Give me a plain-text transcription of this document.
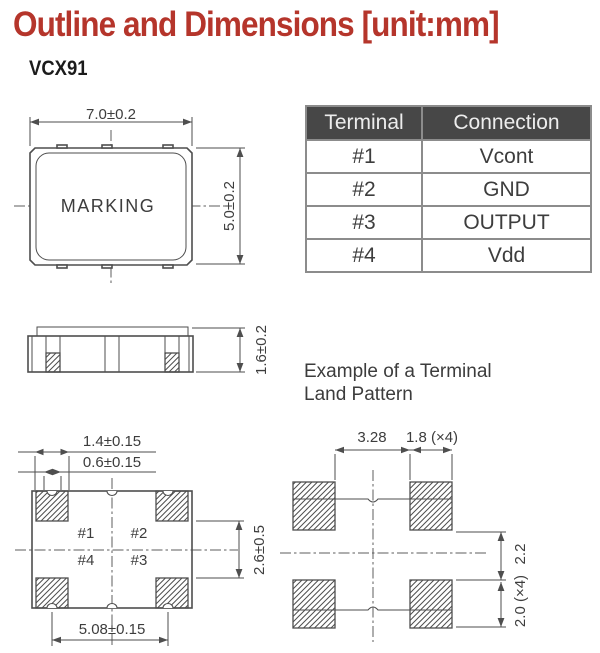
Outline and Dimensions [unit:mm]
VCX91
7.0±0.2
MARKING	5.0±0.2
Terminal	Connection
#1	Vcont
#2	GND
#3	OUTPUT
#4	Vdd
1.6±0.2 Example of a Terminal
Land Pattern
1.4±0.15
0.6±0.15
#1 #2
#4 #3	2.6±0.5
5.08±0.15
3.28 1.8 (×4)
2.2
2.0 (×4)
